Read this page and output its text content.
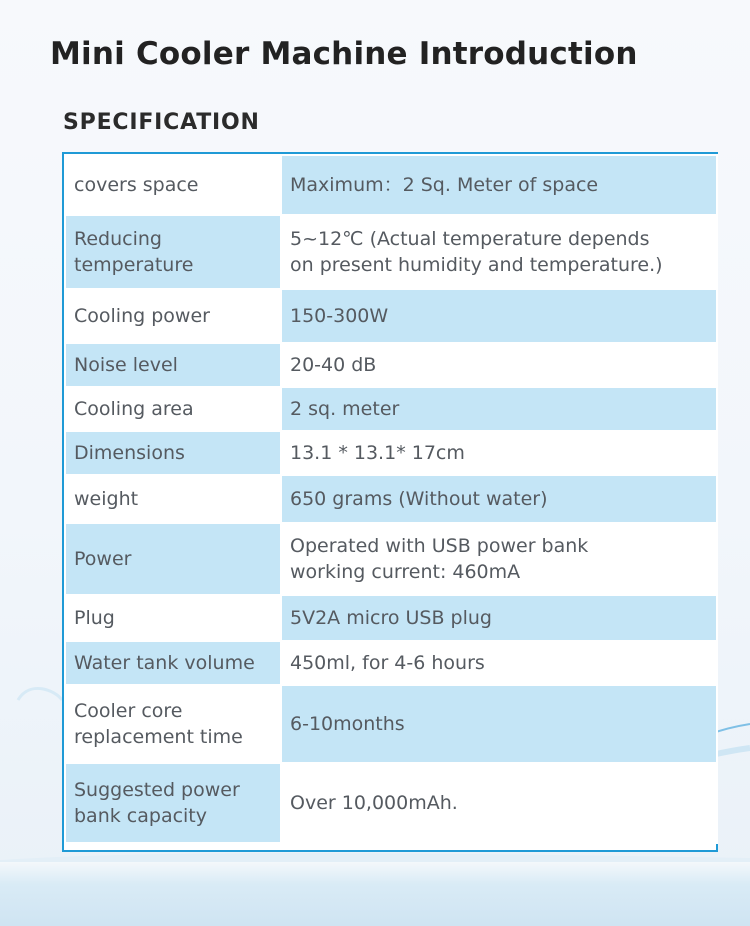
Mini Cooler Machine Introduction
SPECIFICATION
covers space	Maximum：2 Sq. Meter of space

Reducing
temperature	5~12℃ (Actual temperature depends
on present humidity and temperature.)

Cooling power	150-300W

Noise level	20-40 dB

Cooling area	2 sq. meter

Dimensions	13.1 * 13.1* 17cm

weight	650 grams (Without water)

Power	Operated with USB power bank
working current: 460mA

Plug	5V2A micro USB plug

Water tank volume	450ml, for 4-6 hours

Cooler core
replacement time	6-10months

Suggested power
bank capacity	Over 10,000mAh.
